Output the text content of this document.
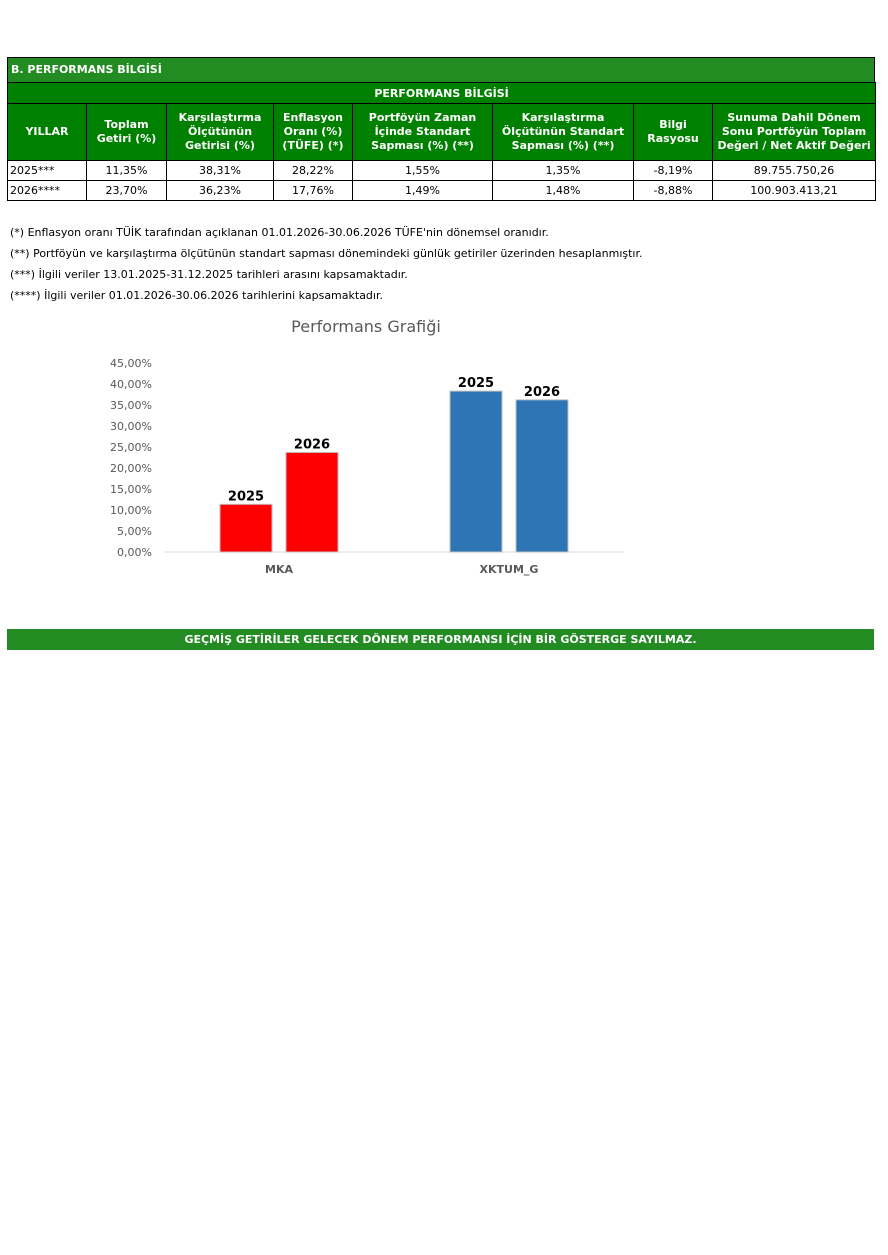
B. PERFORMANS BİLGİSİ
PERFORMANS BİLGİSİ							
YILLAR	Toplam Getiri (%)	Karşılaştırma Ölçütünün Getirisi (%)	Enflasyon Oranı (%) (TÜFE) (*)	Portföyün Zaman İçinde Standart Sapması (%) (**)	Karşılaştırma Ölçütünün Standart Sapması (%) (**)	Bilgi Rasyosu	Sunuma Dahil Dönem Sonu Portföyün Toplam Değeri / Net Aktif Değeri
2025***	11,35%	38,31%	28,22%	1,55%	1,35%	-8,19%	89.755.750,26
2026****	23,70%	36,23%	17,76%	1,49%	1,48%	-8,88%	100.903.413,21
(*) Enflasyon oranı TÜİK tarafından açıklanan 01.01.2026-30.06.2026 TÜFE'nin dönemsel oranıdır.
(**) Portföyün ve karşılaştırma ölçütünün standart sapması dönemindeki günlük getiriler üzerinden hesaplanmıştır.
(***) İlgili veriler 13.01.2025-31.12.2025 tarihleri arasını kapsamaktadır.
(****) İlgili veriler 01.01.2026-30.06.2026 tarihlerini kapsamaktadır.
Performans Grafiği
0,00%
5,00%
10,00%
15,00%
20,00%
25,00%
30,00%
35,00%
40,00%
45,00%
2025
2026
MKA
2025
2026
XKTUM_G
GEÇMİŞ GETİRİLER GELECEK DÖNEM PERFORMANSI İÇİN BİR GÖSTERGE SAYILMAZ.
